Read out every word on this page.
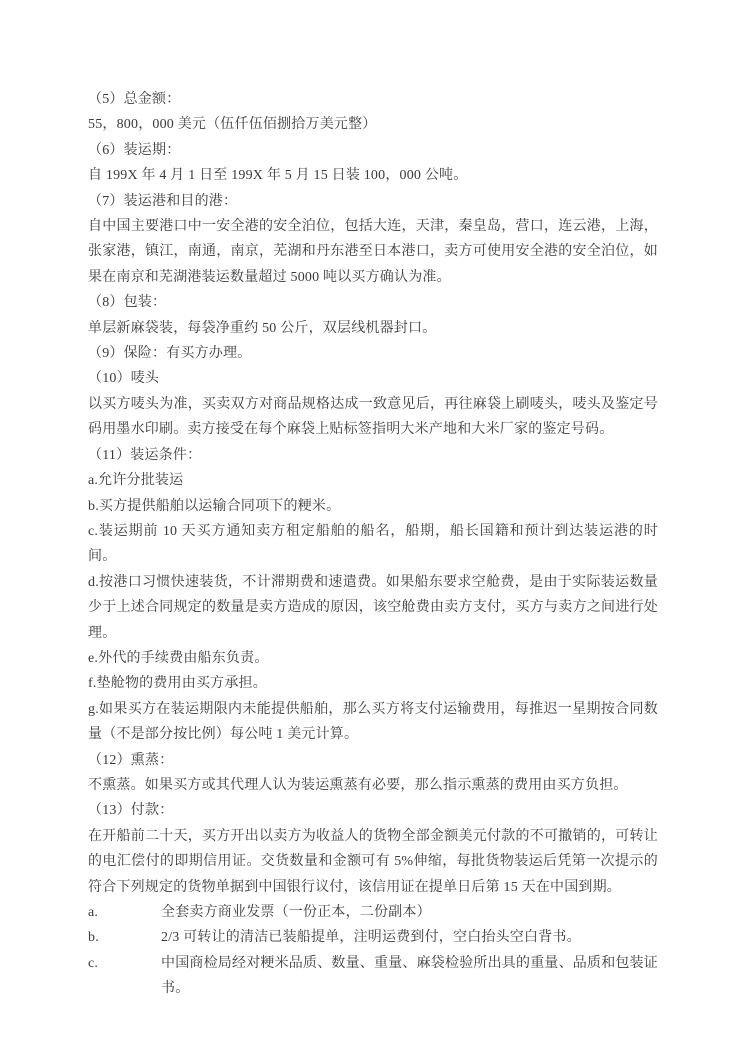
（5）总金额：

55，800，000 美元（伍仟伍佰捌拾万美元整）

（6）装运期：

自 199X 年 4 月 1 日至 199X 年 5 月 15 日装 100，000 公吨。

（7）装运港和目的港：

自中国主要港口中一安全港的安全泊位，包括大连，天津，秦皇岛，营口，连云港，上海，张家港，镇江，南通，南京，芜湖和丹东港至日本港口，卖方可使用安全港的安全泊位，如果在南京和芜湖港装运数量超过 5000 吨以买方确认为准。

（8）包装：

单层新麻袋装，每袋净重约 50 公斤，双层线机器封口。

（9）保险：有买方办理。

（10）唛头

以买方唛头为准，买卖双方对商品规格达成一致意见后，再往麻袋上刷唛头，唛头及鉴定号码用墨水印刷。卖方接受在每个麻袋上贴标签指明大米产地和大米厂家的鉴定号码。

（11）装运条件：

a.允许分批装运

b.买方提供船舶以运输合同项下的粳米。

c.装运期前 10 天买方通知卖方租定船舶的船名，船期，船长国籍和预计到达装运港的时间。

d.按港口习惯快速装货，不计滞期费和速遣费。如果船东要求空舱费，是由于实际装运数量少于上述合同规定的数量是卖方造成的原因，该空舱费由卖方支付，买方与卖方之间进行处理。

e.外代的手续费由船东负责。

f.垫舱物的费用由买方承担。

g.如果买方在装运期限内未能提供船舶，那么买方将支付运输费用，每推迟一星期按合同数量（不是部分按比例）每公吨 1 美元计算。

（12）熏蒸：

不熏蒸。如果买方或其代理人认为装运熏蒸有必要，那么指示熏蒸的费用由买方负担。

（13）付款：

在开船前二十天，买方开出以卖方为收益人的货物全部金额美元付款的不可撤销的，可转让的电汇偿付的即期信用证。交货数量和金额可有 5%伸缩，每批货物装运后凭第一次提示的符合下列规定的货物单据到中国银行议付，该信用证在提单日后第 15 天在中国到期。

a.	全套卖方商业发票（一份正本，二份副本）

b.	2/3 可转让的清洁已装船提单，注明运费到付，空白抬头空白背书。

c.	中国商检局经对粳米品质、数量、重量、麻袋检验所出具的重量、品质和包装证书。
